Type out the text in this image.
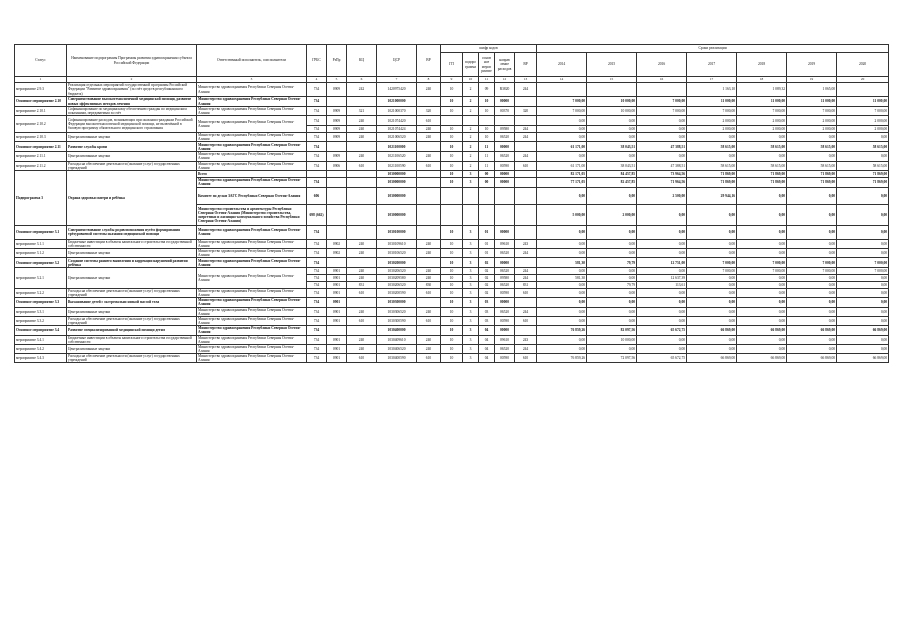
Статус	Наименование подпрограммы Программы развития здравоохранения субъекта Российской Федерации	Ответственный исполнитель, соисполнители	ГРБС	РзПр	КЦ	ЦСР	ВР	шифр кодов					Сроки реализации						
								ГП	подпро грамма	основ ное мероп риятие	направ ление расходов	ВР	2014	2015	2016	2017	2018	2019	2020
1	2	3	4	5	6	7	8	9	10	11	12	13	14	15	16	17	18	19	20
мероприятие 2.9.3	Реализация отдельных мероприятий государственной программы Российской Федерации "Развитие здравоохранения" (за счёт средств республиканского бюджета)	Министерство здравоохранения Республики Северная Осетия-Алания	734	0909	242	1420975420	240	10	2	09	R3820	244				1 163,10	1 089,32	1 065,00	
Основное мероприятие 2.10	Совершенствование высокотехнологичной медицинской помощи, развитие новых эффективных методов лечения	Министерство здравоохранения Республики Северная Осетия-Алания	734			1021000000		10	2	10	00000		7 000,00	10 000,00	7 000,00	11 000,00	11 000,00	11 000,00	11 000,00
мероприятие 2.10.1	Софинансирование по медицинскому обеспечению граждан по медицинским показаниям, передаваемым за счёт	Министерство здравоохранения Республики Северная Осетия-Алания	734	0909	321	1021000370	320	10	2	10	00370	320	7 000,00	10 000,00	7 000,00	7 000,00	7 000,00	7 000,00	7 000,00
мероприятие 2.10.2	Софинансирование расходов, возникающих при оказании гражданам Российской Федерации высокотехнологичной медицинской помощи, не включённой в базовую программу обязательного медицинского страхования	Министерство здравоохранения Республики Северная Осетия-Алания	734	0909	240	1021074420	610						0,00	0,00	0,00	2 000,00	2 000,00	2 000,00	2 000,00
			734	0909	240	1021074424	240	10	2	10	09580	244	0,00	0,00	0,00	2 000,00	2 000,00	2 000,00	2 000,00
мероприятие 2.10.3	Централизованные закупки	Министерство здравоохранения Республики Северная Осетия-Алания	734	0909	240	1021006520	240	10	2	10	06520	244	0,00	0,00	0,00	0,00	0,00	0,00	0,00
Основное мероприятие 2.11	Развитие службы крови	Министерство здравоохранения Республики Северная Осетия-Алания	734			1021100000		10	2	11	00000		61 171,00	38 043,51	47 388,51	58 615,00	58 615,00	58 615,00	58 615,00
мероприятие 2.11.1	Централизованные закупки	Министерство здравоохранения Республики Северная Осетия-Алания	734	0909	240	1021106520	240	10	2	11	06520	244	0,00	0,00	0,00	0,00	0,00	0,00	0,00
мероприятие 2.11.2	Расходы на обеспечение деятельности (оказание услуг) государственных учреждений	Министерство здравоохранения Республики Северная Осетия-Алания	734	0906	610	1021100590	610	10	2	11	00590	610	61 171,00	38 043,51	47 388,51	58 615,00	58 615,00	58 615,00	58 615,00
Подпрограмма 3	Охрана здоровья матери и ребёнка	Всего				1030000000		10	3	00	00000		82 171,05	84 457,85	73 964,56	71 869,00	71 869,00	71 869,00	71 869,00
		Министерство здравоохранения Республики Северная Осетия-Алания	734			1030000000		10	3	00	00000		77 171,05	82 457,85	71 964,56	71 869,00	71 869,00	71 869,00	71 869,00
		Комитет по делам ЗАГС Республики Северная Осетия-Алания	606			1030000000							0,00	0,00	2 500,00	29 944,16	0,00	0,00	0,00
		Министерство строительства и архитектуры Республики Северная Осетия-Алания (Министерство строительства, энергетики и жилищно-коммунального хозяйства Республики Северная Осетия-Алания)	698 (662)			1030000000							5 000,00	2 000,00	0,00	0,00	0,00	0,00	0,00
Основное мероприятие 3.1	Совершенствование службы родовспоможения путём формирования трёхуровневой системы оказания медицинской помощи	Министерство здравоохранения Республики Северная Осетия-Алания	734			1030100000		10	3	01	00000		0,00	0,00	0,00	0,00	0,00	0,00	0,00
мероприятие 3.1.1	Бюджетные инвестиции в объекты капитального строительства государственной собственности	Министерство здравоохранения Республики Северная Осетия-Алания	734	0902	240	1030109610	240	10	3	01	09610	243	0,00	0,00	0,00	0,00	0,00	0,00	0,00
мероприятие 3.1.2	Централизованные закупки	Министерство здравоохранения Республики Северная Осетия-Алания	734	0902	240	1030106520	240	10	3	01	06520	244	0,00	0,00	0,00	0,00	0,00	0,00	0,00
Основное мероприятие 3.2	Создание системы раннего выявления и коррекции нарушений развития ребёнка	Министерство здравоохранения Республики Северная Осетия-Алания	734			1030200000		10	3	02	00000		581,30	79,79	12 751,00	7 000,00	7 000,00	7 000,00	7 000,00
мероприятие 3.2.1	Централизованные закупки	Министерство здравоохранения Республики Северная Осетия-Алания	734	0901	240	1030206520	240	10	3	02	06520	244	0,00	0,00	0,00	7 000,00	7 000,00	7 000,00	7 000,00
			734	0901	240	1030209580	240	10	3	02	09580	244	581,30	0,00	12 637,39	0,00	0,00	0,00	0,00
			734	0901	831	1030206520	830	10	3	02	06520	831	0,00	79,79	113,61	0,00	0,00	0,00	0,00
мероприятие 3.2.2	Расходы на обеспечение деятельности (оказание услуг) государственных учреждений	Министерство здравоохранения Республики Северная Осетия-Алания	734	0901	610	1030200590	610	10	3	02	00590	610	0,00	0,00	0,00	0,00	0,00	0,00	0,00
Основное мероприятие 3.3	Выхаживание детей с экстремально низкой массой тела	Министерство здравоохранения Республики Северная Осетия-Алания	734	0901		1030300000		10	3	03	00000		0,00	0,00	0,00	0,00	0,00	0,00	0,00
мероприятие 3.3.1	Централизованные закупки	Министерство здравоохранения Республики Северная Осетия-Алания	734	0901	240	1030306520	240	10	3	03	06520	244	0,00	0,00	0,00	0,00	0,00	0,00	0,00
мероприятие 3.3.2	Расходы на обеспечение деятельности (оказание услуг) государственных учреждений	Министерство здравоохранения Республики Северная Осетия-Алания	734	0901	610	1030300590	610	10	3	03	00590	610	0,00	0,00	0,00	0,00	0,00	0,00	0,00
Основное мероприятие 3.4	Развитие специализированной медицинской помощи детям	Министерство здравоохранения Республики Северная Осетия-Алания	734			1030400000		10	3	04	00000		76 859,26	82 097,56	65 672,75	66 869,00	66 869,00	66 869,00	66 869,00
мероприятие 3.4.1	Бюджетные инвестиции в объекты капитального строительства государственной собственности	Министерство здравоохранения Республики Северная Осетия-Алания	734	0901	240	1030409610	240	10	3	04	09610	243	0,00	10 000,00	0,00	0,00	0,00	0,00	0,00
мероприятие 3.4.2	Централизованные закупки	Министерство здравоохранения Республики Северная Осетия-Алания	734	0901	240	1030406520	240	10	3	04	06520	244	0,00	0,00	0,00	0,00	0,00	0,00	0,00
мероприятие 3.4.3	Расходы на обеспечение деятельности (оказание услуг) государственных учреждений	Министерство здравоохранения Республики Северная Осетия-Алания	734	0901	610	1030400590	610	10	3	04	00590	610	76 859,26	72 097,56	65 672,75	66 869,00	66 869,00	66 869,00	66 869,00
